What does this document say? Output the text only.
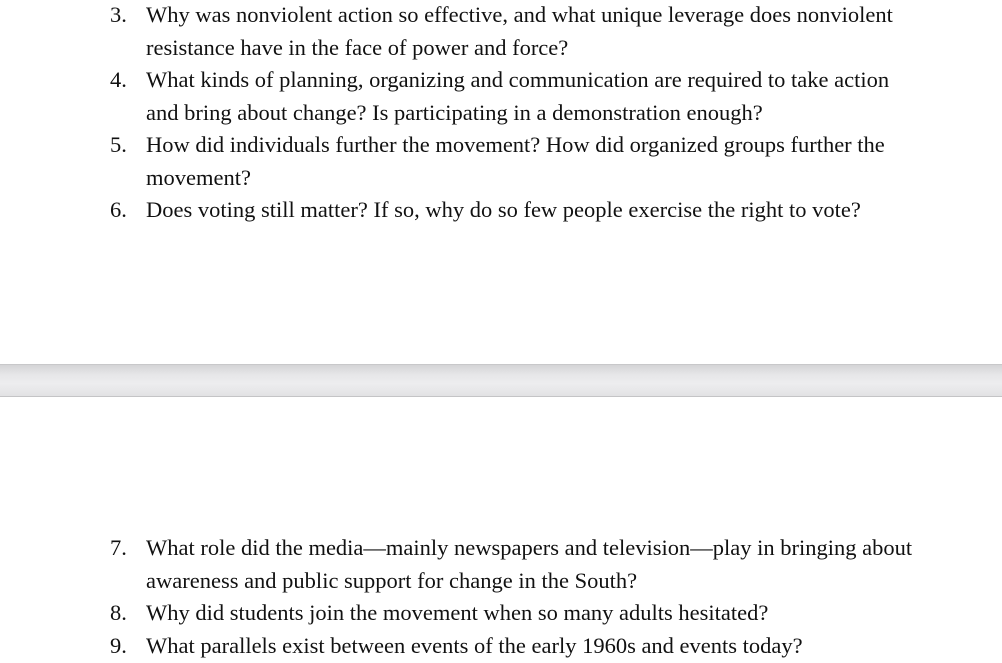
3. Why was nonviolent action so effective, and what unique leverage does nonviolent
resistance have in the face of power and force?
4. What kinds of planning, organizing and communication are required to take action
and bring about change? Is participating in a demonstration enough?
5. How did individuals further the movement? How did organized groups further the
movement?
6. Does voting still matter? If so, why do so few people exercise the right to vote?
7. What role did the media—mainly newspapers and television—play in bringing about
awareness and public support for change in the South?
8. Why did students join the movement when so many adults hesitated?
9. What parallels exist between events of the early 1960s and events today?
